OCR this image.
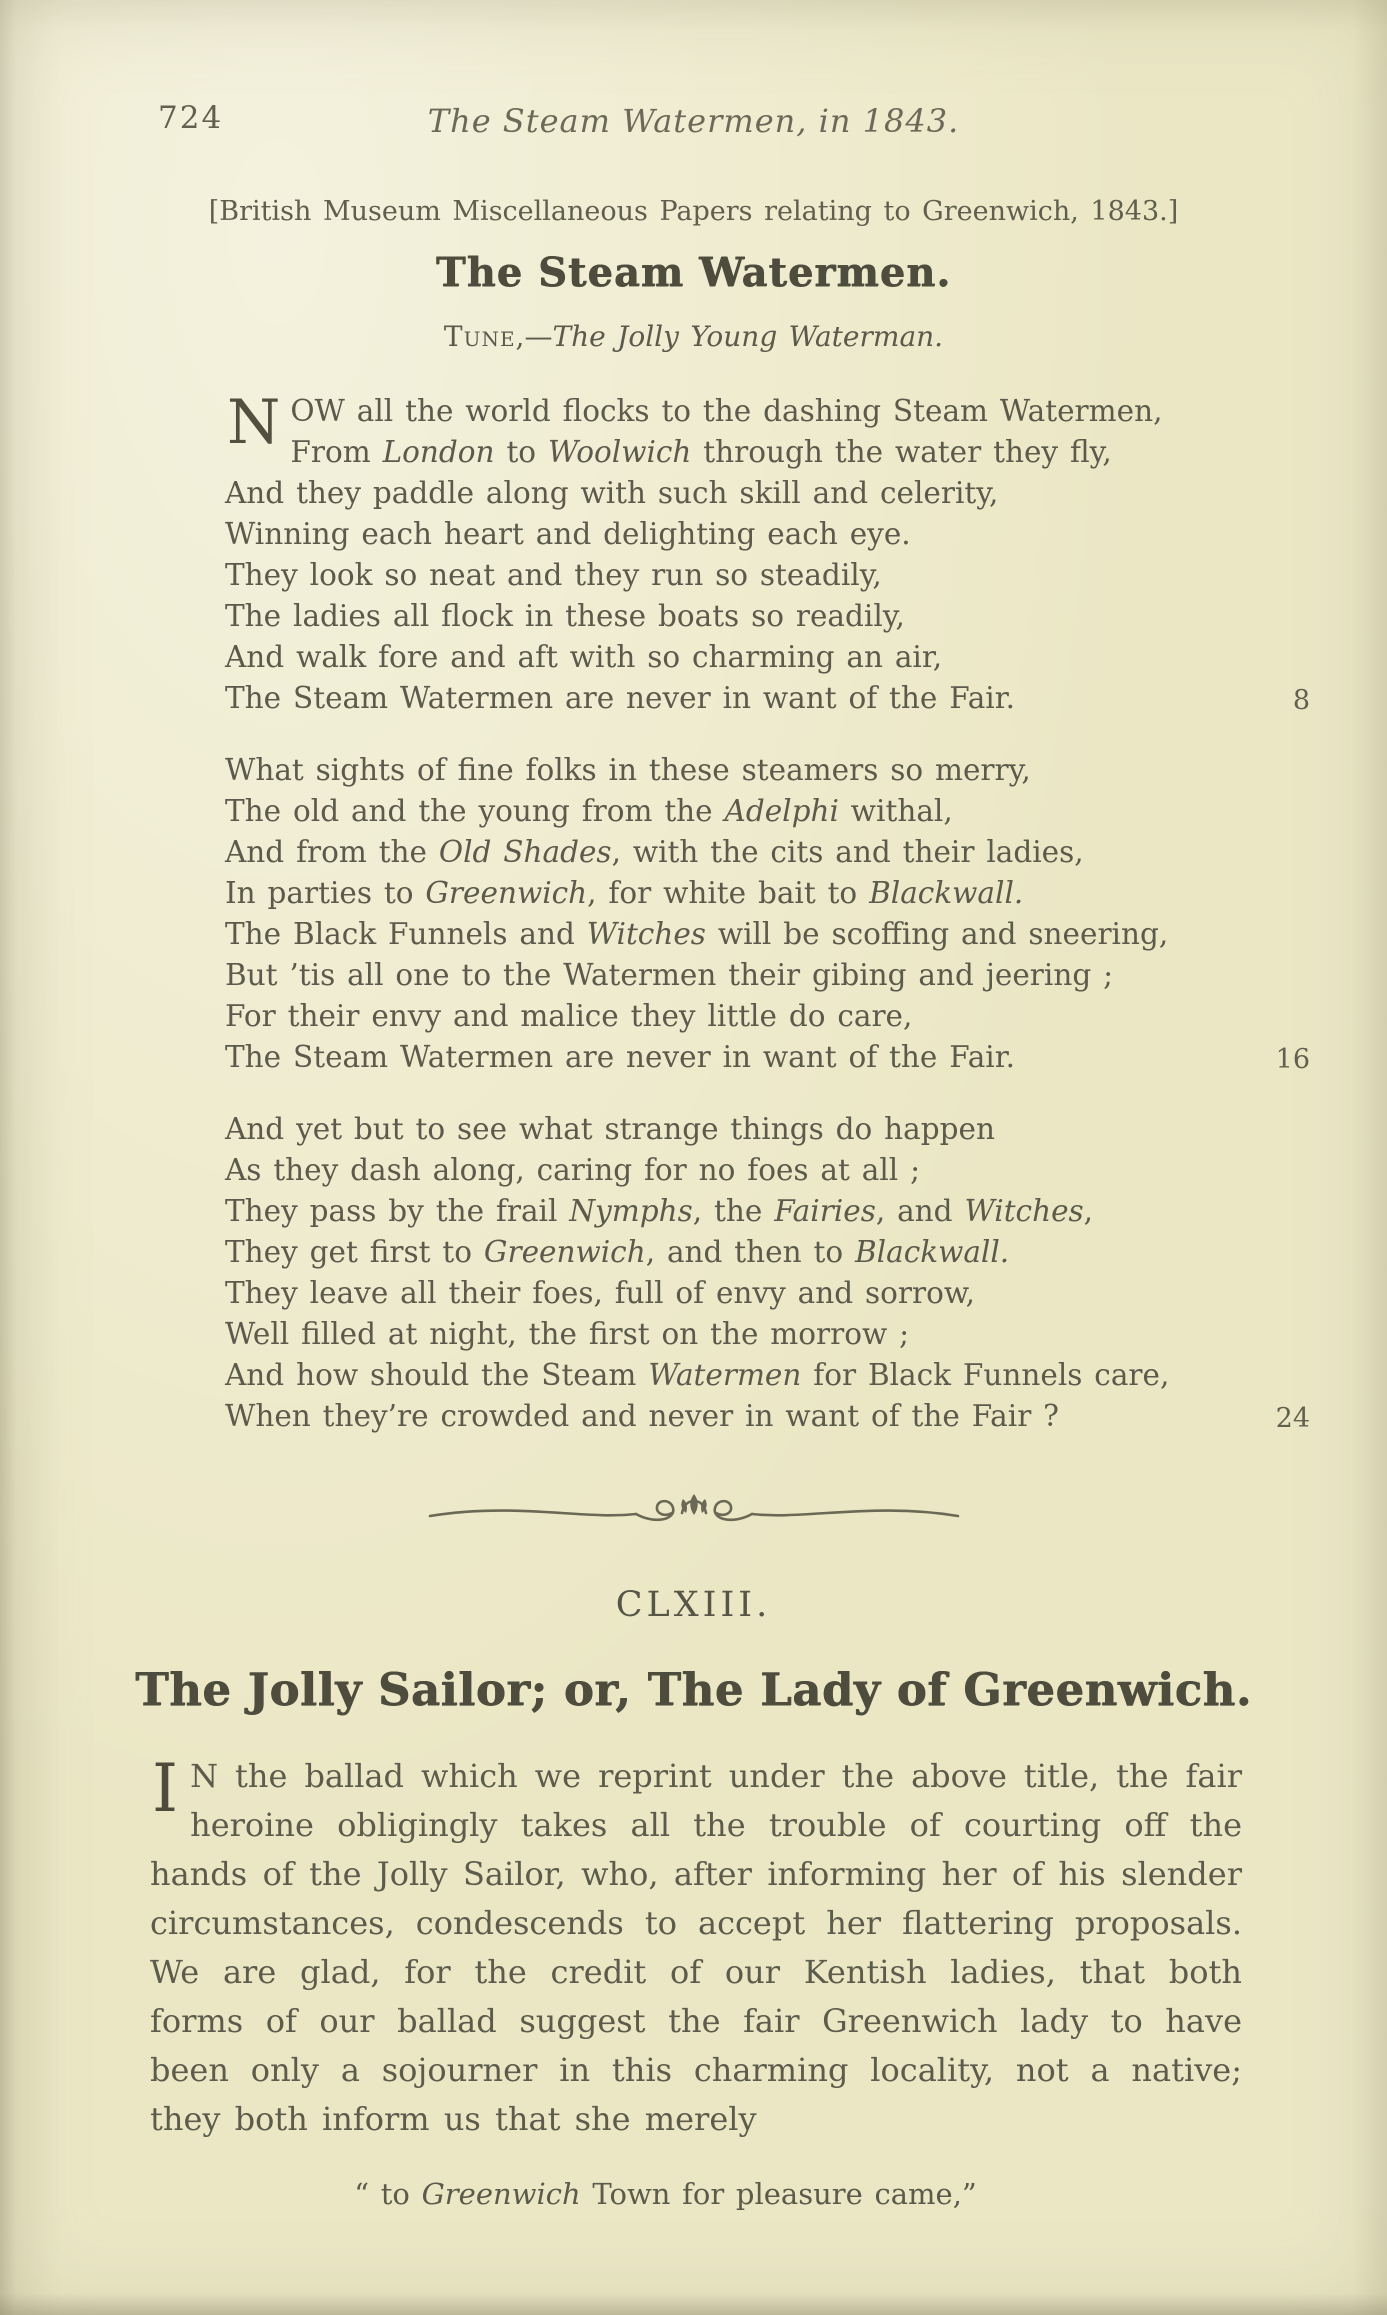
724	The Steam Watermen, in 1843.
[British Museum Miscellaneous Papers relating to Greenwich, 1843.]
The Steam Watermen.
Tune,—The Jolly Young Waterman.
NOW all the world flocks to the dashing Steam Watermen,
From London to Woolwich through the water they fly,
And they paddle along with such skill and celerity,
Winning each heart and delighting each eye.
They look so neat and they run so steadily,
The ladies all flock in these boats so readily,
And walk fore and aft with so charming an air,
The Steam Watermen are never in want of the Fair.	8
What sights of fine folks in these steamers so merry,
The old and the young from the Adelphi withal,
And from the Old Shades, with the cits and their ladies,
In parties to Greenwich, for white bait to Blackwall.
The Black Funnels and Witches will be scoffing and sneering,
But ’tis all one to the Watermen their gibing and jeering ;
For their envy and malice they little do care,
The Steam Watermen are never in want of the Fair.	16
And yet but to see what strange things do happen
As they dash along, caring for no foes at all ;
They pass by the frail Nymphs, the Fairies, and Witches,
They get first to Greenwich, and then to Blackwall.
They leave all their foes, full of envy and sorrow,
Well filled at night, the first on the morrow ;
And how should the Steam Watermen for Black Funnels care,
When they’re crowded and never in want of the Fair ?	24
CLXIII.
The Jolly Sailor; or, The Lady of Greenwich.
I N the ballad which we reprint under the above title, the fair heroine obligingly takes all the trouble of courting off the hands of the Jolly Sailor, who, after informing her of his slender circumstances, condescends to accept her flattering proposals. We are glad, for the credit of our Kentish ladies, that both forms of our ballad suggest the fair Greenwich lady to have been only a sojourner in this charming locality, not a native; they both inform us that she merely
“ to Greenwich Town for pleasure came,”
